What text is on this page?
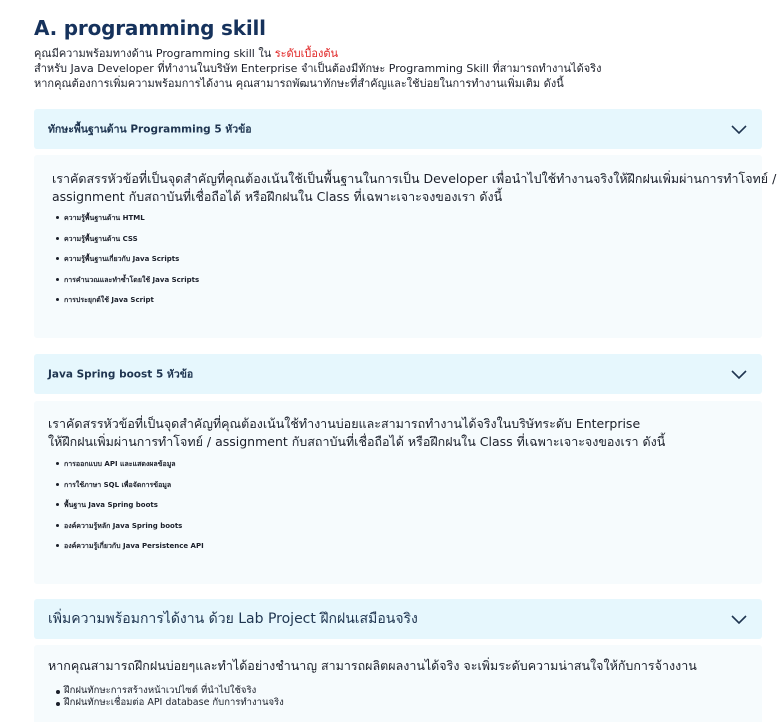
A. programming skill
คุณมีความพร้อมทางด้าน Programming skill ใน ระดับเบื้องต้น
สำหรับ Java Developer ที่ทำงานในบริษัท Enterprise จำเป็นต้องมีทักษะ Programming Skill ที่สามารถทำงานได้จริง
หากคุณต้องการเพิ่มความพร้อมการได้งาน คุณสามารถพัฒนาทักษะที่สำคัญและใช้บ่อยในการทำงานเพิ่มเติม ดังนี้
ทักษะพื้นฐานด้าน Programming 5 หัวข้อ
เราคัดสรรหัวข้อที่เป็นจุดสำคัญที่คุณต้องเน้นใช้เป็นพื้นฐานในการเป็น Developer เพื่อนำไปใช้ทำงานจริงให้ฝึกฝนเพิ่มผ่านการทำโจทย์ /
assignment กับสถาบันที่เชื่อถือได้ หรือฝึกฝนใน Class ที่เฉพาะเจาะจงของเรา ดังนี้
ความรู้พื้นฐานด้าน HTML
ความรู้พื้นฐานด้าน CSS
ความรู้พื้นฐานเกี่ยวกับ Java Scripts
การคำนวณและทำซ้ำโดยใช้ Java Scripts
การประยุกต์ใช้ Java Script
Java Spring boost 5 หัวข้อ
เราคัดสรรหัวข้อที่เป็นจุดสำคัญที่คุณต้องเน้นใช้ทำงานบ่อยและสามารถทำงานได้จริงในบริษัทระดับ Enterprise
ให้ฝึกฝนเพิ่มผ่านการทำโจทย์ / assignment กับสถาบันที่เชื่อถือได้ หรือฝึกฝนใน Class ที่เฉพาะเจาะจงของเรา ดังนี้
การออกแบบ API และแสดงผลข้อมูล
การใช้ภาษา SQL เพื่อจัดการข้อมูล
พื้นฐาน Java Spring boots
องค์ความรู้หลัก Java Spring boots
องค์ความรู้เกี่ยวกับ Java Persistence API
เพิ่มความพร้อมการได้งาน ด้วย Lab Project ฝึกฝนเสมือนจริง
หากคุณสามารถฝึกฝนบ่อยๆและทำได้อย่างชำนาญ สามารถผลิตผลงานได้จริง จะเพิ่มระดับความน่าสนใจให้กับการจ้างงาน
ฝึกฝนทักษะการสร้างหน้าเวปไซต์ ที่นำไปใช้จริง
ฝึกฝนทักษะเชื่อมต่อ API database กับการทำงานจริง
